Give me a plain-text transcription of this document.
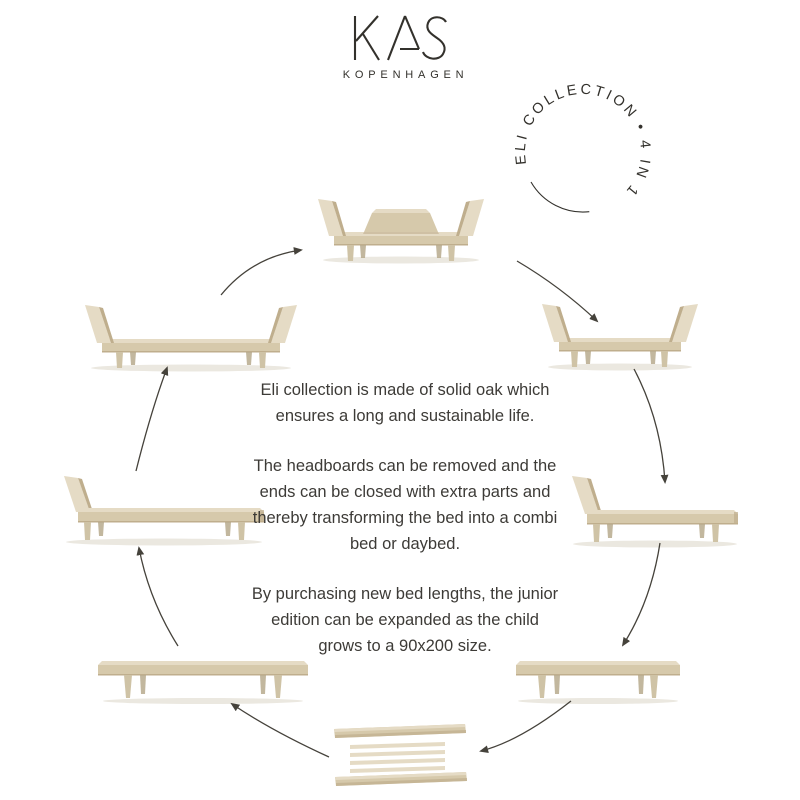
KOPENHAGEN
ELI COLLECTION • 4 IN 1

Eli collection is made of solid oak which ensures a long and sustainable life.

The headboards can be removed and the ends can be closed with extra parts and thereby transforming the bed into a combi bed or daybed.

By purchasing new bed lengths, the junior edition can be expanded as the child grows to a 90x200 size.
